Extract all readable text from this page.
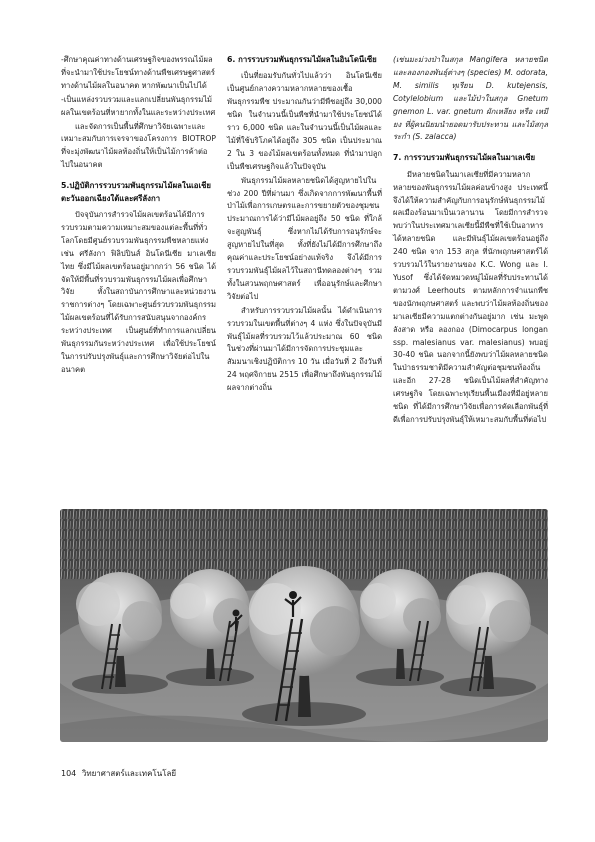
-ศึกษาคุณค่าทางด้านเศรษฐกิจของพรรณไม้ผลที่จะนำมาใช้ประโยชน์ทางด้านพืชเศรษฐศาสตร์ ทางด้านไม้ผลในอนาคต หากพัฒนาเป็นไปได้

-เป็นแหล่งรวบรวมและแลกเปลี่ยนพันธุกรรมไม้ผลในเขตร้อนที่หายากทั้งในและระหว่างประเทศ

และจัดการเป็นพื้นที่ศึกษาวิจัยเฉพาะและเหมาะสมกับการเจรจาของโครงการ BIOTROP ที่จะมุ่งพัฒนาไม้ผลท้องถิ่นให้เป็นไม้การค้าต่อไปในอนาคต

5.ปฏิบัติการรวบรวมพันธุกรรมไม้ผลในเอเชียตะวันออกเฉียงใต้และศรีลังกา

ปัจจุบันการสำรวจไม้ผลเขตร้อนได้มีการรวบรวมตามความเหมาะสมของแต่ละพื้นที่ทั่วโลกโดยมีศูนย์รวบรวมพันธุกรรมพืชหลายแห่งเช่น ศรีลังกา ฟิลิปปินส์ อินโดนีเซีย มาเลเซีย ไทย ซึ่งมีไม้ผลเขตร้อนอยู่มากกว่า 56 ชนิด ได้จัดให้มีพื้นที่รวบรวมพันธุกรรมไม้ผลเพื่อศึกษาวิจัย ทั้งในสถาบันการศึกษาและหน่วยงานราชการต่างๆ โดยเฉพาะศูนย์รวบรวมพันธุกรรมไม้ผลเขตร้อนที่ได้รับการสนับสนุนจากองค์กรระหว่างประเทศ เป็นศูนย์ที่ทำการแลกเปลี่ยนพันธุกรรมกันระหว่างประเทศ เพื่อใช้ประโยชน์ในการปรับปรุงพันธุ์และการศึกษาวิจัยต่อไปในอนาคต

6. การรวบรวมพันธุกรรมไม้ผลในอินโดนีเซีย

เป็นที่ยอมรับกันทั่วไปแล้วว่า อินโดนีเซียเป็นศูนย์กลางความหลากหลายของเชื้อพันธุกรรมพืช ประมาณกันว่ามีพืชอยู่ถึง 30,000 ชนิด ในจำนวนนี้เป็นพืชที่นำมาใช้ประโยชน์ได้ราว 6,000 ชนิด และในจำนวนนี้เป็นไม้ผลและไม้ที่ใช้บริโภคได้อยู่ถึง 305 ชนิด เป็นประมาณ 2 ใน 3 ของไม้ผลเขตร้อนทั้งหมด ที่นำมาปลูกเป็นพืชเศรษฐกิจแล้วในปัจจุบัน

พันธุกรรมไม้ผลหลายชนิดได้สูญหายไปในช่วง 200 ปีที่ผ่านมา ซึ่งเกิดจากการพัฒนาพื้นที่ป่าไม้เพื่อการเกษตรและการขยายตัวของชุมชน ประมาณการได้ว่ามีไม้ผลอยู่ถึง 50 ชนิด ที่ใกล้จะสูญพันธุ์ ซึ่งหากไม่ได้รับการอนุรักษ์จะสูญหายไปในที่สุด ทั้งที่ยังไม่ได้มีการศึกษาถึงคุณค่าและประโยชน์อย่างแท้จริง จึงได้มีการรวบรวมพันธุ์ไม้ผลไว้ในสถานีทดลองต่างๆ รวมทั้งในสวนพฤกษศาสตร์ เพื่ออนุรักษ์และศึกษาวิจัยต่อไป

สำหรับการรวบรวมไม้ผลนั้น ได้ดำเนินการรวบรวมในเขตพื้นที่ต่างๆ 4 แห่ง ซึ่งในปัจจุบันมีพันธุ์ไม้ผลที่รวบรวมไว้แล้วประมาณ 60 ชนิด ในช่วงที่ผ่านมาได้มีการจัดการประชุมและสัมมนาเชิงปฏิบัติการ 10 วัน เมื่อวันที่ 2 ถึงวันที่ 24 พฤศจิกายน 2515 เพื่อศึกษาถึงพันธุกรรมไม้ผลจากต่างถิ่น

(เช่นมะม่วงป่าในสกุล Mangifera หลายชนิด และลองกองพันธุ์ต่างๆ (species) M. odorata, M. similis ทุเรียน D. kutejensis, Cotylelobium และไม้ป่าในสกุล Gnetum gnemon L. var. gnetum ผักเหลียง หรือ เหมียง ที่ผู้คนนิยมนำยอดมารับประทาน และไม้สกุลระกำ (S. zalacca)

7. การรวบรวมพันธุกรรมไม้ผลในมาเลเซีย

มีหลายชนิดในมาเลเซียที่มีความหลากหลายของพันธุกรรมไม้ผลค่อนข้างสูง ประเทศนี้จึงได้ให้ความสำคัญกับการอนุรักษ์พันธุกรรมไม้ผลเมืองร้อนมาเป็นเวลานาน โดยมีการสำรวจพบว่าในประเทศมาเลเซียนี้มีพืชที่ใช้เป็นอาหารได้หลายชนิด และมีพันธุ์ไม้ผลเขตร้อนอยู่ถึง 240 ชนิด จาก 153 สกุล ที่นักพฤกษศาสตร์ได้รวบรวมไว้ในรายงานของ K.C. Wong และ I. Yusof ซึ่งได้จัดหมวดหมู่ไม้ผลที่รับประทานได้ตามวงศ์ Leerhouts ตามหลักการจำแนกพืชของนักพฤกษศาสตร์ และพบว่าไม้ผลท้องถิ่นของมาเลเซียมีความแตกต่างกันอยู่มาก เช่น มะพูด ลังสาด หรือ ลองกอง (Dimocarpus longan ssp. malesianus var. malesianus) พบอยู่ 30-40 ชนิด นอกจากนี้ยังพบว่าไม้ผลหลายชนิดในป่าธรรมชาติมีความสำคัญต่อชุมชนท้องถิ่น และอีก 27-28 ชนิดเป็นไม้ผลที่สำคัญทางเศรษฐกิจ โดยเฉพาะทุเรียนพื้นเมืองที่มีอยู่หลายชนิด ที่ได้มีการศึกษาวิจัยเพื่อการคัดเลือกพันธุ์ที่ดีเพื่อการปรับปรุงพันธุ์ให้เหมาะสมกับพื้นที่ต่อไป

104 วิทยาศาสตร์และเทคโนโลยี
